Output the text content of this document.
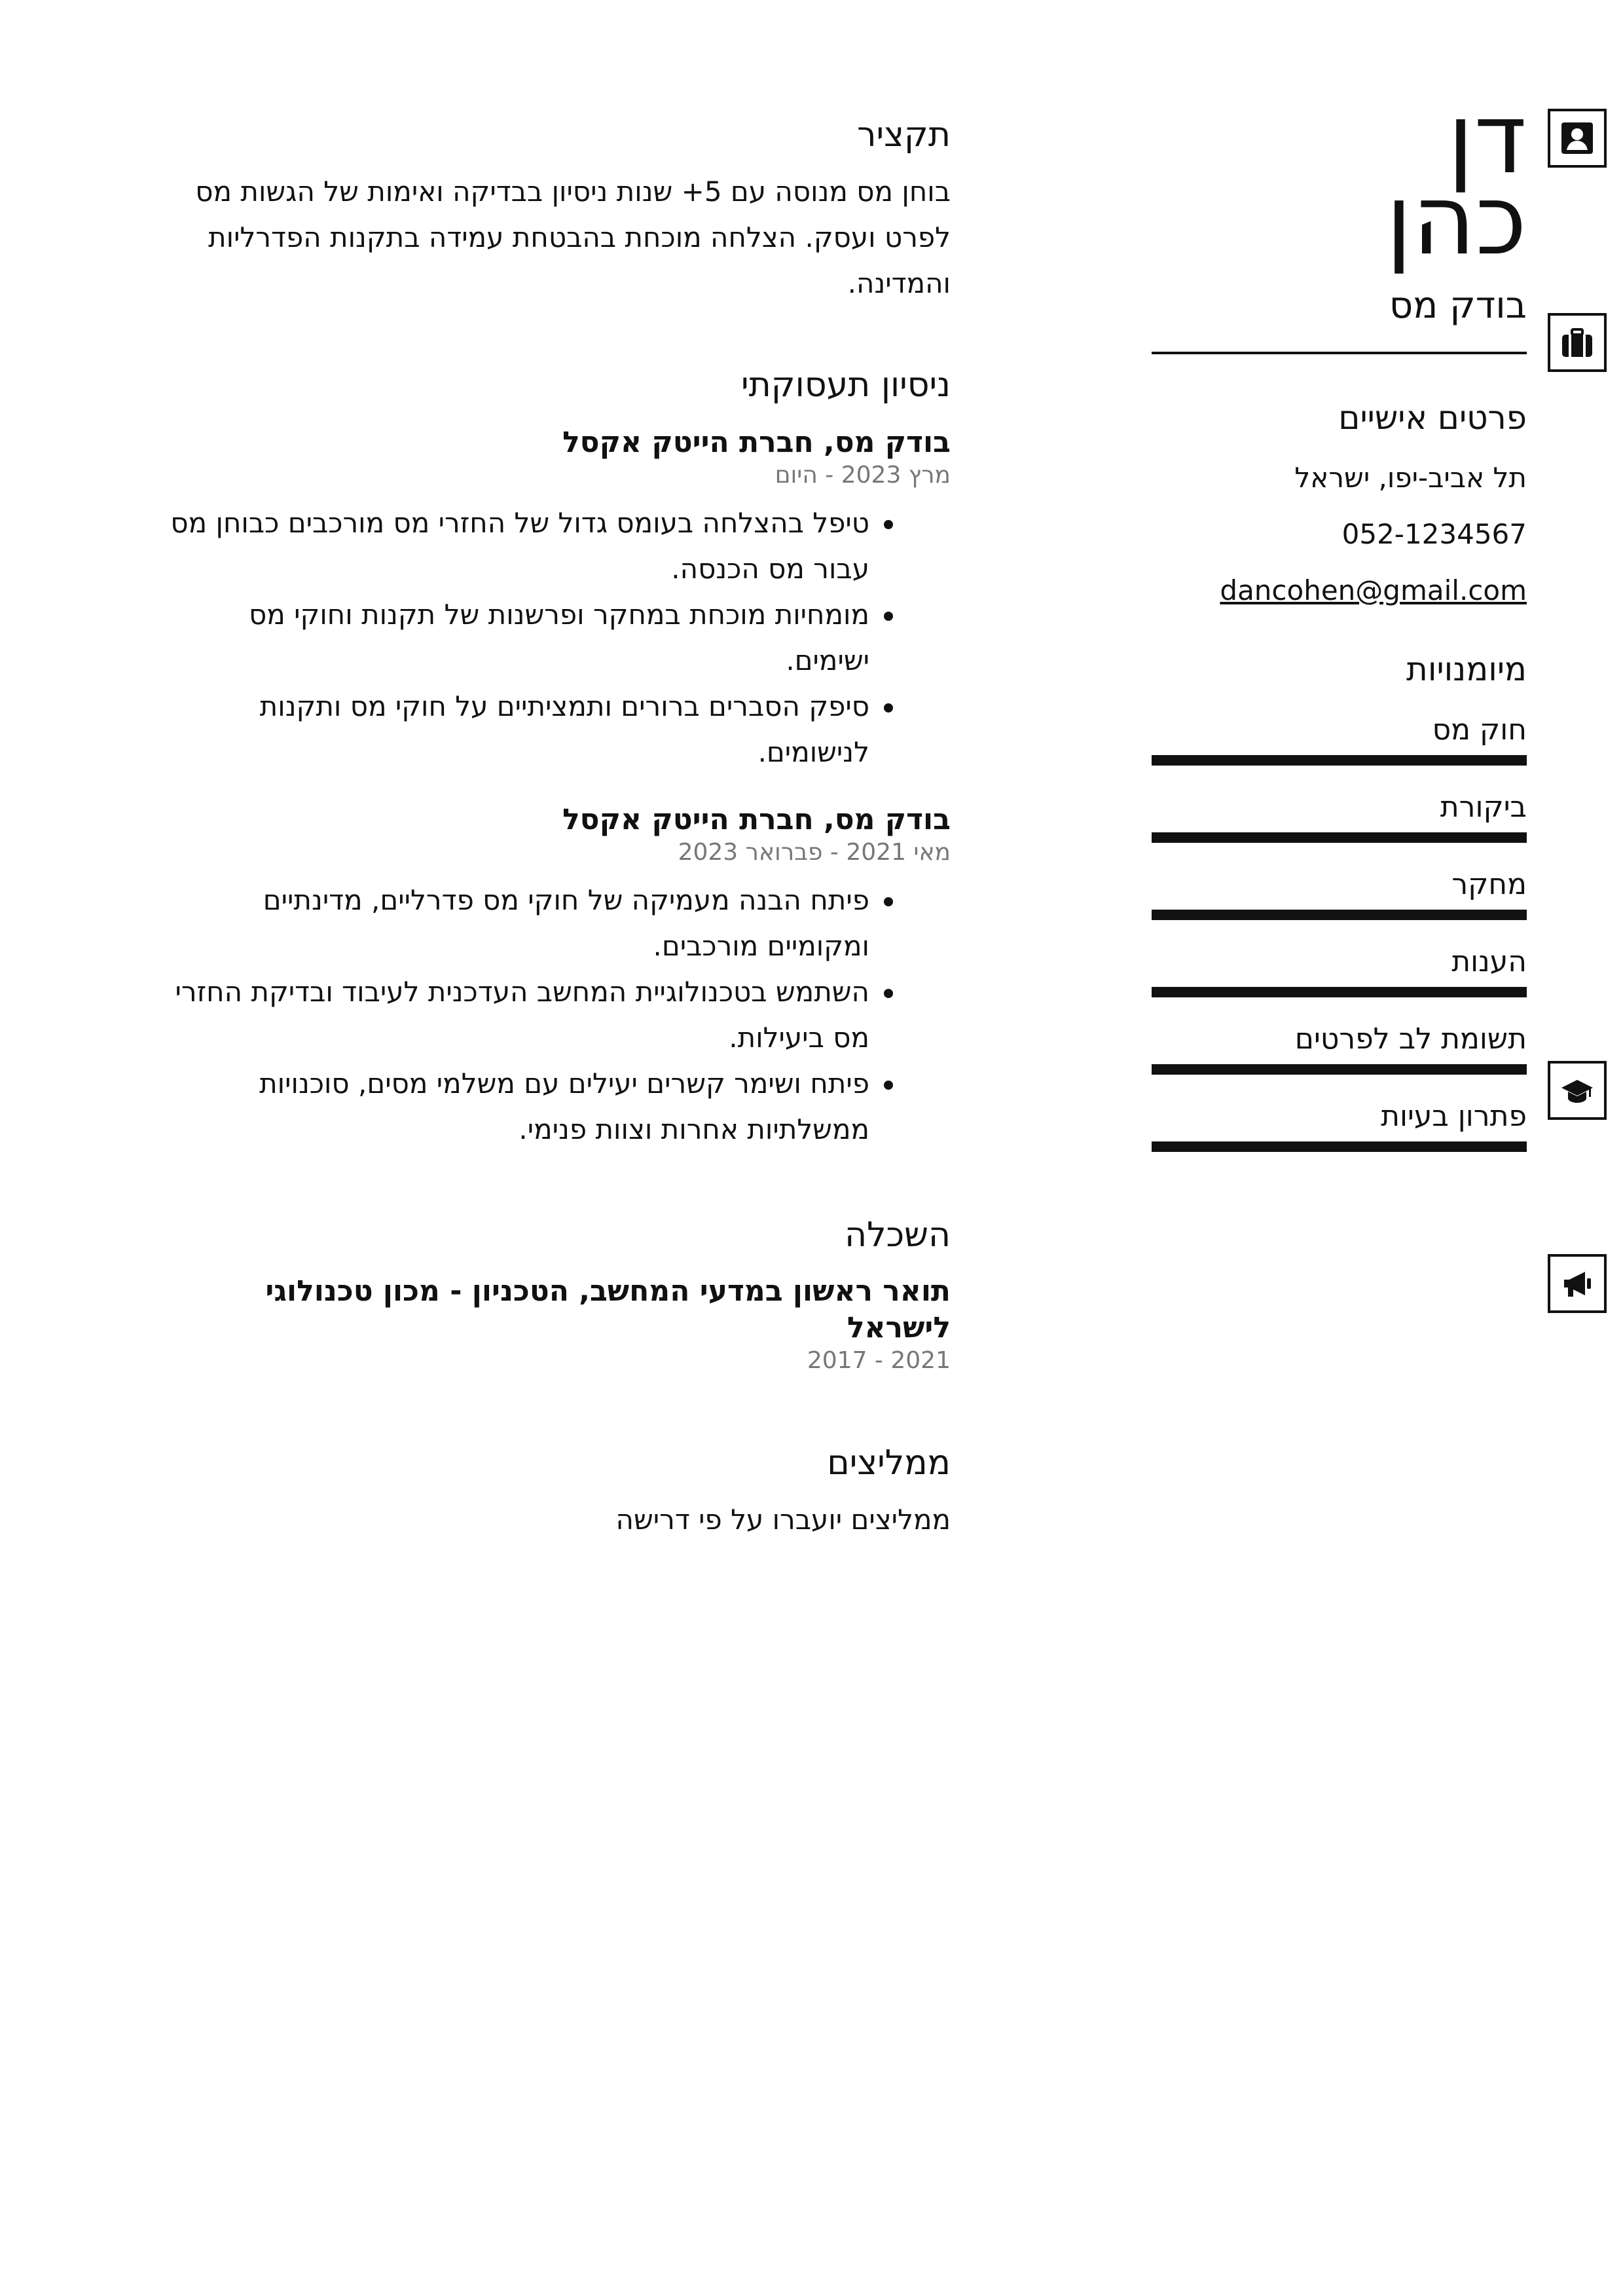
דן
כהן
בודק מס
פרטים אישיים
תל אביב-יפו, ישראל
052-1234567
dancohen@gmail.com
מיומנויות
חוק מס
ביקורת
מחקר
הענות
תשומת לב לפרטים
פתרון בעיות
תקציר
בוחן מס מנוסה עם 5+ שנות ניסיון בבדיקה ואימות של הגשות מס לפרט ועסק. הצלחה מוכחת בהבטחת עמידה בתקנות הפדרליות והמדינה.
ניסיון תעסוקתי
בודק מס, חברת הייטק אקסל
מרץ 2023 - היום
טיפל בהצלחה בעומס גדול של החזרי מס מורכבים כבוחן מס עבור מס הכנסה.
מומחיות מוכחת במחקר ופרשנות של תקנות וחוקי מס ישימים.
סיפק הסברים ברורים ותמציתיים על חוקי מס ותקנות לנישומים.
בודק מס, חברת הייטק אקסל
מאי 2021 - פברואר 2023
פיתח הבנה מעמיקה של חוקי מס פדרליים, מדינתיים ומקומיים מורכבים.
השתמש בטכנולוגיית המחשב העדכנית לעיבוד ובדיקת החזרי מס ביעילות.
פיתח ושימר קשרים יעילים עם משלמי מסים, סוכנויות ממשלתיות אחרות וצוות פנימי.
השכלה
תואר ראשון במדעי המחשב, הטכניון - מכון טכנולוגי לישראל
2021 - 2017
ממליצים
ממליצים יועברו על פי דרישה
